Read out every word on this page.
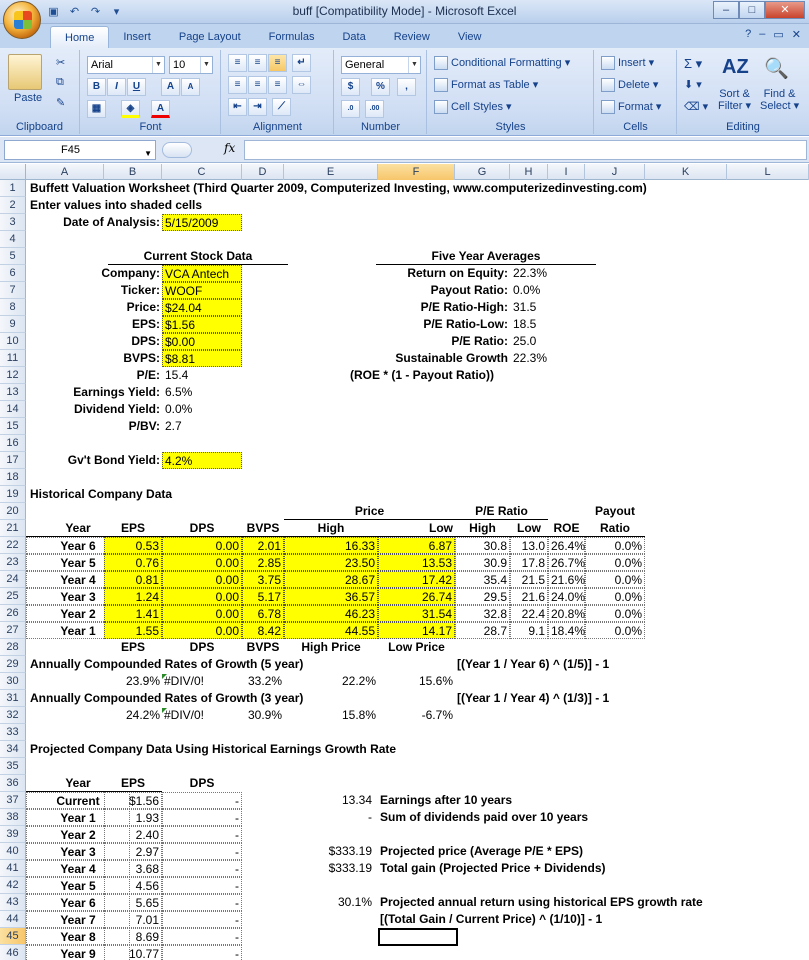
▣ ↶ ↷	▾	buff [Compatibility Mode] - Microsoft Excel	–	□	✕
Home	Insert	Page Layout	Formulas	Data	Review	View	? – ▭ ✕
Paste
✂
⧉
✎
Clipboard
Arial	▼	10	▼
B	I	U	A	A
▦	◈	A
Font
≡	≡	≡	↵
≡	≡	≡	⇔
⇤	⇥	⟋
Alignment
General	▼
$	%	,
.0	.00
Number
Conditional Formatting ▾
Format as Table ▾
Cell Styles ▾
Styles
Insert ▾
Delete ▾
Format ▾
Cells
Σ ▾
⬇ ▾
⌫ ▾
AZ
Sort &
Filter ▾
🔍
Find &
Select ▾
Editing
F45	▼	fx
A	B	C	D	E	F	G	H	I	J	K	L
1
2
3
4
5
6
7
8
9
10
11
12
13
14
15
16
17
18
19
20
21
22
23
24
25
26
27
28
29
30
31
32
33
34
35
36
37
38
39
40
41
42
43
44
45
46
Buffett Valuation Worksheet (Third Quarter 2009, Computerized Investing, www.computerizedinvesting.com)
Enter values into shaded cells
Date of Analysis: 5/15/2009
Current Stock Data	Five Year Averages
Company: VCA Antech
Ticker: WOOF
Price: $24.04
EPS: $1.56
DPS: $0.00
BVPS: $8.81
P/E: 15.4
Earnings Yield: 6.5%
Dividend Yield: 0.0%
P/BV: 2.7
Gv't Bond Yield: 4.2%
Return on Equity: 22.3%
Payout Ratio: 0.0%
P/E Ratio-High: 31.5
P/E Ratio-Low: 18.5
P/E Ratio: 25.0
Sustainable Growth 22.3%
(ROE * (1 - Payout Ratio))
Historical Company Data
Price	P/E Ratio	Payout
Year	EPS	DPS	BVPS	High	Low	High	Low	ROE	Ratio
Year 6	0.53	0.00	2.01	16.33	6.87	30.8	13.0 26.4%	0.0%
Year 5	0.76	0.00	2.85	23.50	13.53	30.9	17.8 26.7%	0.0%
Year 4	0.81	0.00	3.75	28.67	17.42	35.4	21.5 21.6%	0.0%
Year 3	1.24	0.00	5.17	36.57	26.74	29.5	21.6 24.0%	0.0%
Year 2	1.41	0.00	6.78	46.23	31.54	32.8	22.4 20.8%	0.0%
Year 1	1.55	0.00	8.42	44.55	14.17	28.7	9.1 18.4%	0.0%
EPS	DPS	BVPS	High Price	Low Price
Annually Compounded Rates of Growth (5 year)	[(Year 1 / Year 6) ^ (1/5)] - 1
Annually Compounded Rates of Growth (3 year)	[(Year 1 / Year 4) ^ (1/3)] - 1
23.9%
24.2%
#DIV/0!
#DIV/0!
33.2%
30.9%
22.2%
15.8%
15.6%
-6.7%
Projected Company Data Using Historical Earnings Growth Rate
Year	EPS	DPS
Current	$1.56	-
Year 1	1.93	-
Year 2	2.40	-
Year 3	2.97	-
Year 4	3.68	-
Year 5	4.56	-
Year 6	5.65	-
Year 7	7.01	-
Year 8	8.69	-
Year 9	10.77	-
13.34 Earnings after 10 years
- Sum of dividends paid over 10 years
$333.19 Projected price (Average P/E * EPS)
$333.19 Total gain (Projected Price + Dividends)
30.1% Projected annual return using historical EPS growth rate
[(Total Gain / Current Price) ^ (1/10)] - 1
